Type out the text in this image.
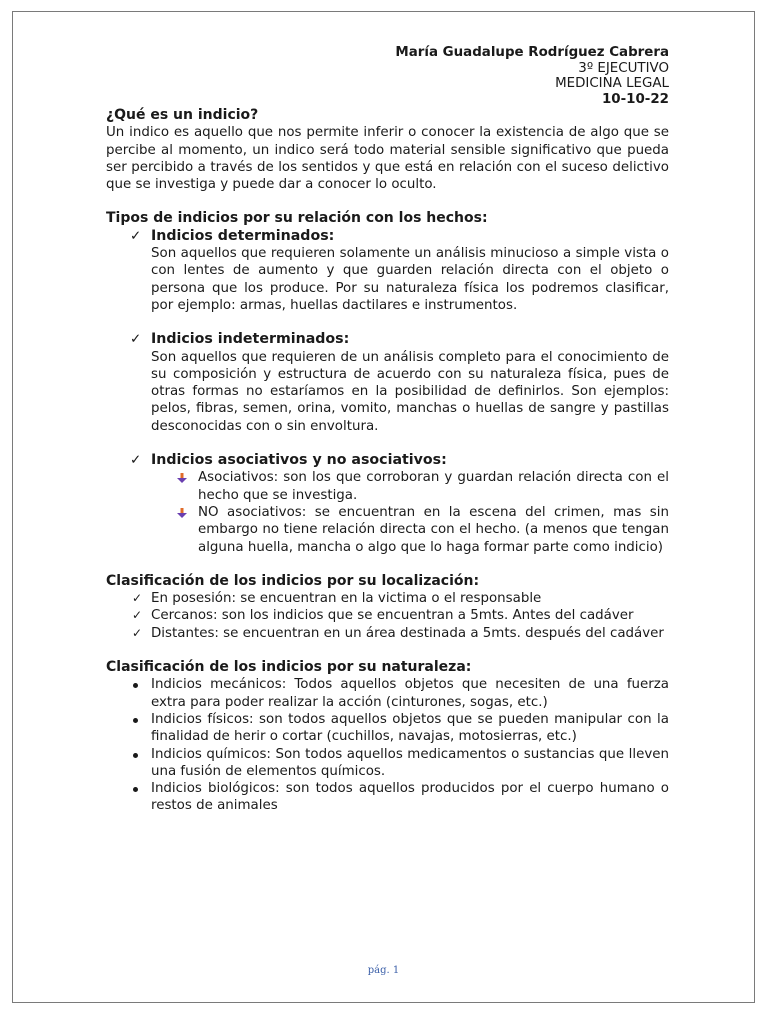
María Guadalupe Rodríguez Cabrera
3º EJECUTIVO
MEDICINA LEGAL
10-10-22

¿Qué es un indicio?

Un indico es aquello que nos permite inferir o conocer la existencia de algo que se percibe al momento, un indico será todo material sensible significativo que pueda ser percibido a través de los sentidos y que está en relación con el suceso delictivo que se investiga y puede dar a conocer lo oculto.

Tipos de indicios por su relación con los hechos:

✓ Indicios determinados:
Son aquellos que requieren solamente un análisis minucioso a simple vista o con lentes de aumento y que guarden relación directa con el objeto o persona que los produce. Por su naturaleza física los podremos clasificar, por ejemplo: armas, huellas dactilares e instrumentos.
✓ Indicios indeterminados:
Son aquellos que requieren de un análisis completo para el conocimiento de su composición y estructura de acuerdo con su naturaleza física, pues de otras formas no estaríamos en la posibilidad de definirlos. Son ejemplos: pelos, fibras, semen, orina, vomito, manchas o huellas de sangre y pastillas desconocidas con o sin envoltura.
✓ Indicios asociativos y no asociativos:
Asociativos: son los que corroboran y guardan relación directa con el hecho que se investiga.
NO asociativos: se encuentran en la escena del crimen, mas sin embargo no tiene relación directa con el hecho. (a menos que tengan alguna huella, mancha o algo que lo haga formar parte como indicio)

Clasificación de los indicios por su localización:

✓ En posesión: se encuentran en la victima o el responsable
✓ Cercanos: son los indicios que se encuentran a 5mts. Antes del cadáver
✓ Distantes: se encuentran en un área destinada a 5mts. después del cadáver

Clasificación de los indicios por su naturaleza:

Indicios mecánicos: Todos aquellos objetos que necesiten de una fuerza extra para poder realizar la acción (cinturones, sogas, etc.)
Indicios físicos: son todos aquellos objetos que se pueden manipular con la finalidad de herir o cortar (cuchillos, navajas, motosierras, etc.)
Indicios químicos: Son todos aquellos medicamentos o sustancias que lleven una fusión de elementos químicos.
Indicios biológicos: son todos aquellos producidos por el cuerpo humano o restos de animales
pág. 1
